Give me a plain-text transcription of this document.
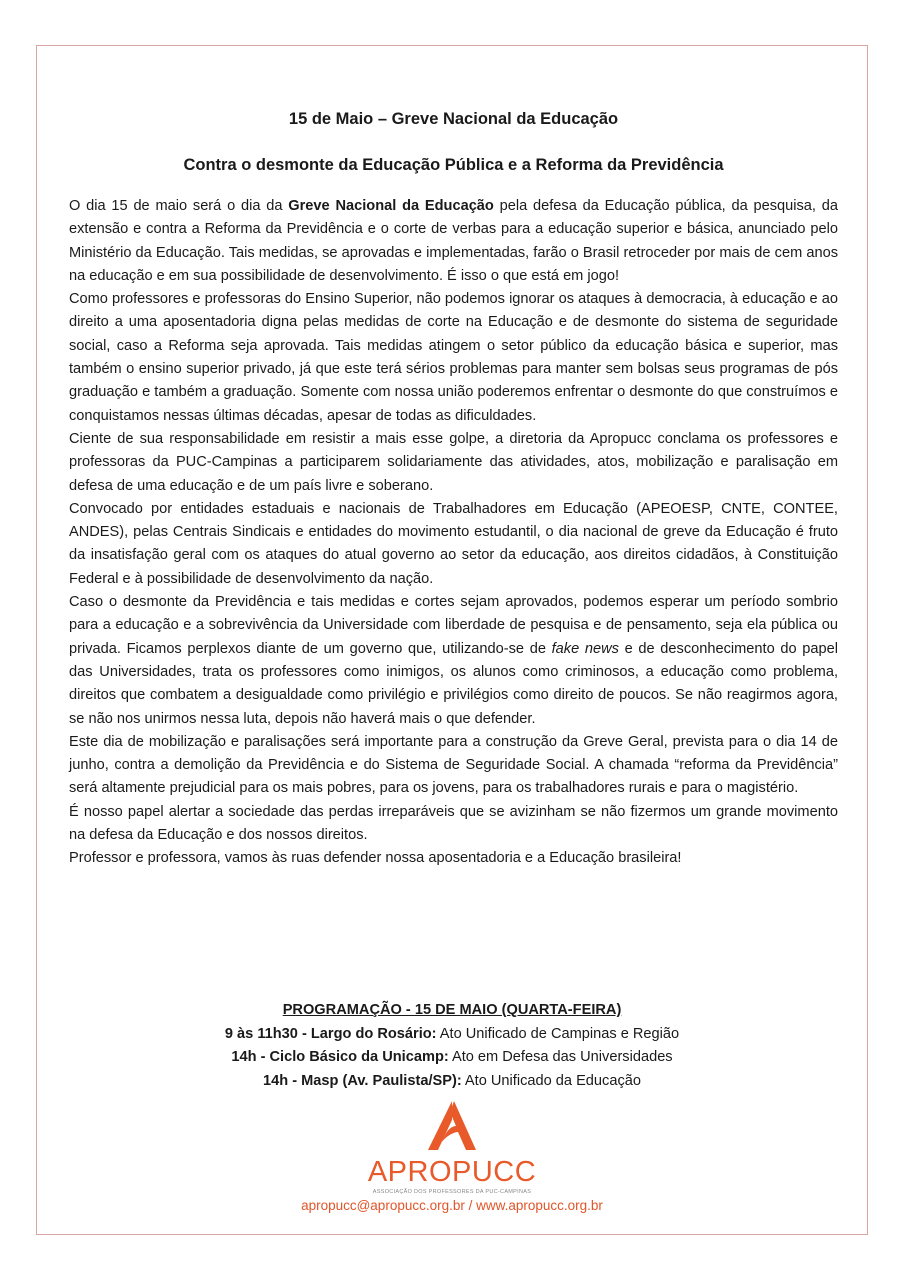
15 de Maio – Greve Nacional da Educação
Contra o desmonte da Educação Pública e a Reforma da Previdência

O dia 15 de maio será o dia da Greve Nacional da Educação pela defesa da Educação pública, da pesquisa, da extensão e contra a Reforma da Previdência e o corte de verbas para a educação superior e básica, anunciado pelo Ministério da Educação. Tais medidas, se aprovadas e implementadas, farão o Brasil retroceder por mais de cem anos na educação e em sua possibilidade de desenvolvimento. É isso o que está em jogo!

Como professores e professoras do Ensino Superior, não podemos ignorar os ataques à democracia, à educação e ao direito a uma aposentadoria digna pelas medidas de corte na Educação e de desmonte do sistema de seguridade social, caso a Reforma seja aprovada. Tais medidas atingem o setor público da educação básica e superior, mas também o ensino superior privado, já que este terá sérios problemas para manter sem bolsas seus programas de pós graduação e também a graduação. Somente com nossa união poderemos enfrentar o desmonte do que construímos e conquistamos nessas últimas décadas, apesar de todas as dificuldades.

Ciente de sua responsabilidade em resistir a mais esse golpe, a diretoria da Apropucc conclama os professores e professoras da PUC-Campinas a participarem solidariamente das atividades, atos, mobilização e paralisação em defesa de uma educação e de um país livre e soberano.

Convocado por entidades estaduais e nacionais de Trabalhadores em Educação (APEOESP, CNTE, CONTEE, ANDES), pelas Centrais Sindicais e entidades do movimento estudantil, o dia nacional de greve da Educação é fruto da insatisfação geral com os ataques do atual governo ao setor da educação, aos direitos cidadãos, à Constituição Federal e à possibilidade de desenvolvimento da nação.

Caso o desmonte da Previdência e tais medidas e cortes sejam aprovados, podemos esperar um período sombrio para a educação e a sobrevivência da Universidade com liberdade de pesquisa e de pensamento, seja ela pública ou privada. Ficamos perplexos diante de um governo que, utilizando-se de fake news e de desconhecimento do papel das Universidades, trata os professores como inimigos, os alunos como criminosos, a educação como problema, direitos que combatem a desigualdade como privilégio e privilégios como direito de poucos. Se não reagirmos agora, se não nos unirmos nessa luta, depois não haverá mais o que defender.

Este dia de mobilização e paralisações será importante para a construção da Greve Geral, prevista para o dia 14 de junho, contra a demolição da Previdência e do Sistema de Seguridade Social. A chamada “reforma da Previdência” será altamente prejudicial para os mais pobres, para os jovens, para os trabalhadores rurais e para o magistério.

É nosso papel alertar a sociedade das perdas irreparáveis que se avizinham se não fizermos um grande movimento na defesa da Educação e dos nossos direitos.

Professor e professora, vamos às ruas defender nossa aposentadoria e a Educação brasileira!

PROGRAMAÇÃO - 15 DE MAIO (QUARTA-FEIRA)
9 às 11h30 - Largo do Rosário: Ato Unificado de Campinas e Região
14h - Ciclo Básico da Unicamp: Ato em Defesa das Universidades
14h - Masp (Av. Paulista/SP): Ato Unificado da Educação
APROPUCC
ASSOCIAÇÃO DOS PROFESSORES DA PUC-CAMPINAS
apropucc@apropucc.org.br / www.apropucc.org.br
